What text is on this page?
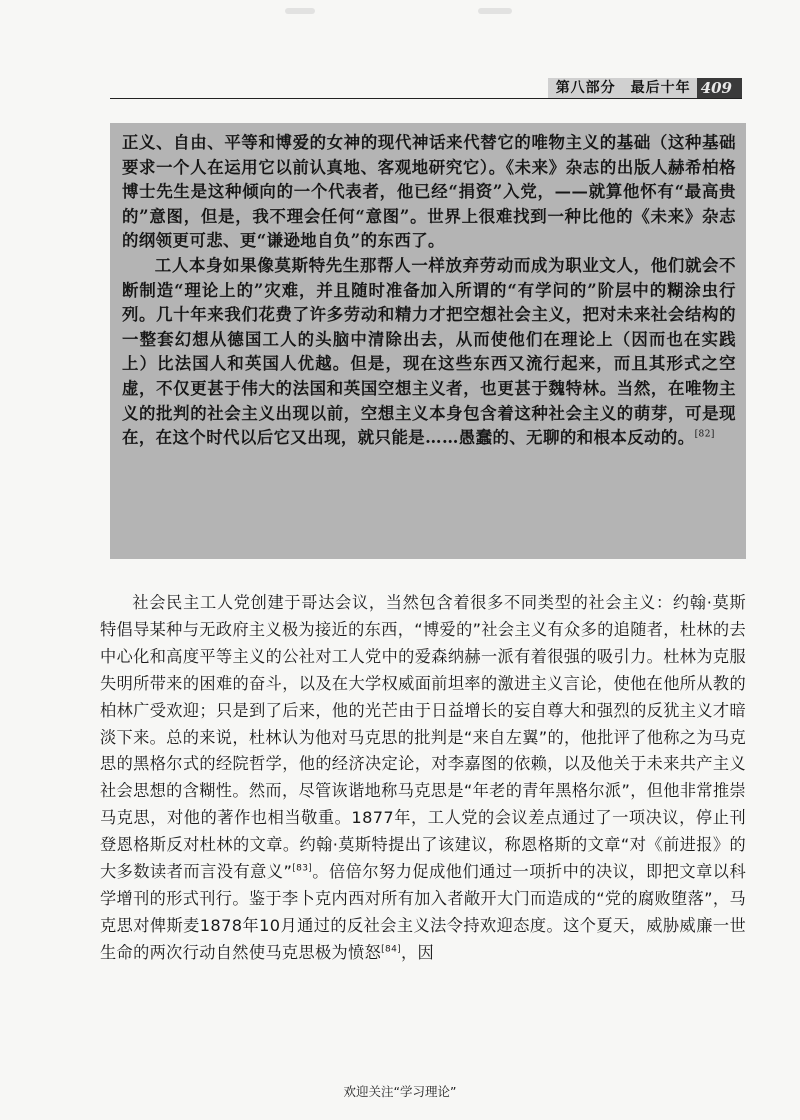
第八部分　最后十年 409

正义、自由、平等和博爱的女神的现代神话来代替它的唯物主义的基础（这种基础要求一个人在运用它以前认真地、客观地研究它）。《未来》杂志的出版人赫希柏格博士先生是这种倾向的一个代表者，他已经“捐资”入党，——就算他怀有“最高贵的”意图，但是，我不理会任何“意图”。世界上很难找到一种比他的《未来》杂志的纲领更可悲、更“谦逊地自负”的东西了。

工人本身如果像莫斯特先生那帮人一样放弃劳动而成为职业文人，他们就会不断制造“理论上的”灾难，并且随时准备加入所谓的“有学问的”阶层中的糊涂虫行列。几十年来我们花费了许多劳动和精力才把空想社会主义，把对未来社会结构的一整套幻想从德国工人的头脑中清除出去，从而使他们在理论上（因而也在实践上）比法国人和英国人优越。但是，现在这些东西又流行起来，而且其形式之空虚，不仅更甚于伟大的法国和英国空想主义者，也更甚于魏特林。当然，在唯物主义的批判的社会主义出现以前，空想主义本身包含着这种社会主义的萌芽，可是现在，在这个时代以后它又出现，就只能是……愚蠢的、无聊的和根本反动的。[82]

社会民主工人党创建于哥达会议，当然包含着很多不同类型的社会主义：约翰·莫斯特倡导某种与无政府主义极为接近的东西，“博爱的”社会主义有众多的追随者，杜林的去中心化和高度平等主义的公社对工人党中的爱森纳赫一派有着很强的吸引力。杜林为克服失明所带来的困难的奋斗，以及在大学权威面前坦率的激进主义言论，使他在他所从教的柏林广受欢迎；只是到了后来，他的光芒由于日益增长的妄自尊大和强烈的反犹主义才暗淡下来。总的来说，杜林认为他对马克思的批判是“来自左翼”的，他批评了他称之为马克思的黑格尔式的经院哲学，他的经济决定论，对李嘉图的依赖，以及他关于未来共产主义社会思想的含糊性。然而，尽管诙谐地称马克思是“年老的青年黑格尔派”，但他非常推崇马克思，对他的著作也相当敬重。1877年，工人党的会议差点通过了一项决议，停止刊登恩格斯反对杜林的文章。约翰·莫斯特提出了该建议，称恩格斯的文章“对《前进报》的大多数读者而言没有意义”[83]。倍倍尔努力促成他们通过一项折中的决议，即把文章以科学增刊的形式刊行。鉴于李卜克内西对所有加入者敞开大门而造成的“党的腐败堕落”，马克思对俾斯麦1878年10月通过的反社会主义法令持欢迎态度。这个夏天，威胁威廉一世生命的两次行动自然使马克思极为愤怒[84]，因

欢迎关注“学习理论”
